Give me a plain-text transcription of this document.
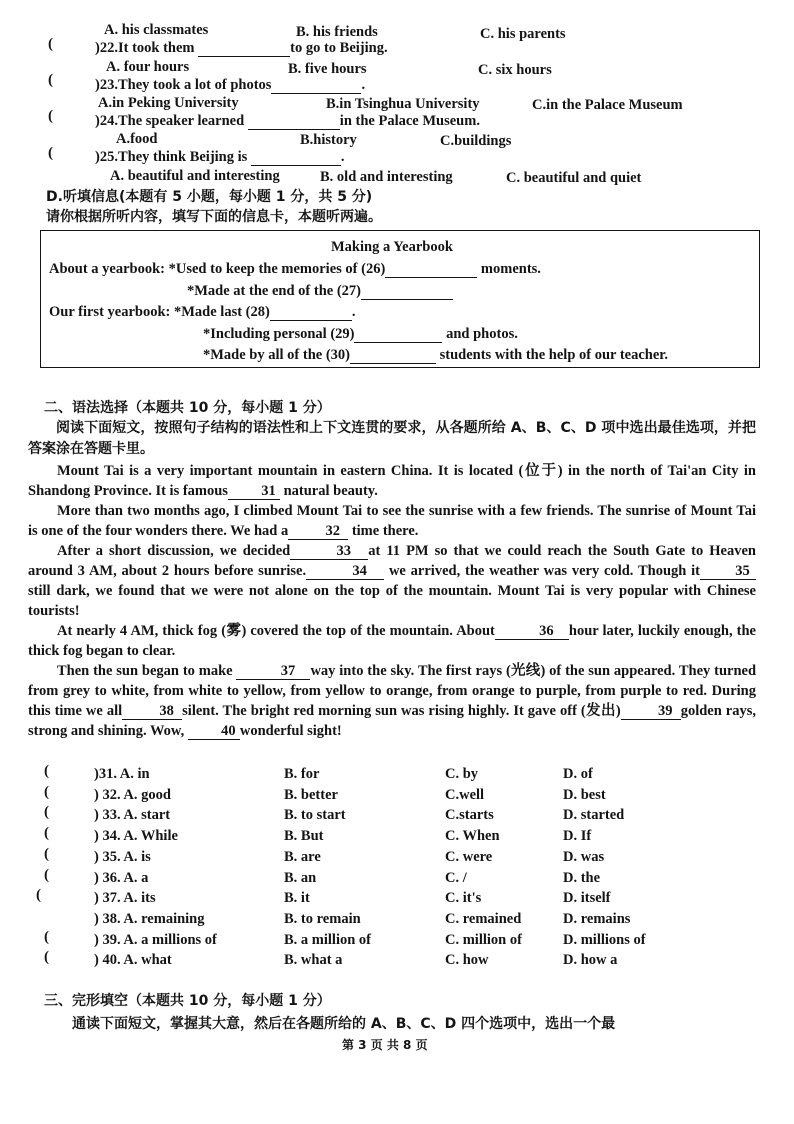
A. his classmates	B. his friends	C. his parents
(	)22.It took them	to go to Beijing.
A. four hours	B. five hours	C. six hours
(	)23.They took a lot of photos	.
A.in Peking University	B.in Tsinghua University	C.in the Palace Museum
(	)24.The speaker learned	in the Palace Museum.
A.food	B.history	C.buildings
(	)25.They think Beijing is	.
A. beautiful and interesting	B. old and interesting	C. beautiful and quiet
D.听填信息(本题有 5 小题，每小题 1 分，共 5 分)
请你根据所听内容，填写下面的信息卡，本题听两遍。
Making a Yearbook
About a yearbook: *Used to keep the memories of (26)	moments.
*Made at the end of the (27)
Our first yearbook: *Made last (28)	.
*Including personal (29)	and photos.
*Made by all of the (30)	students with the help of our teacher.
二、语法选择（本题共 10 分，每小题 1 分）

阅读下面短文，按照句子结构的语法性和上下文连贯的要求，从各题所给 A、B、C、D 项中选出最佳选项，并把答案涂在答题卡里。

Mount Tai is a very important mountain in eastern China. It is located (位于) in the north of Tai'an City in Shandong Province. It is famous 31 natural beauty.

More than two months ago, I climbed Mount Tai to see the sunrise with a few friends. The sunrise of Mount Tai is one of the four wonders there. We had a	32 time there.

After a short discussion, we decided	33 at 11 PM so that we could reach the South Gate to Heaven around 3 AM, about 2 hours before sunrise.	34 we arrived, the weather was very cold. Though it 35still dark, we found that we were not alone on the top of the mountain. Mount Tai is very popular with Chinese tourists!

At nearly 4 AM, thick fog (雾) covered the top of the mountain. About	36 hour later, luckily enough, the thick fog began to clear.

Then the sun began to make	37 way into the sky. The first rays (光线) of the sun appeared. They turned from grey to white, from white to yellow, from yellow to orange, from orange to purple, from purple to red. During this time we all	38 silent. The bright red morning sun was rising highly. It gave off (发出)	39 golden rays, strong and shining. Wow,	40 wonderful sight!

(	)31. A. in	B. for	C. by	D. of
(	) 32. A. good	B. better	C.well	D. best
(	) 33. A. start	B. to start	C.starts	D. started
(	) 34. A. While	B. But	C. When	D. If
(	) 35. A. is	B. are	C. were	D. was
(	) 36. A. a	B. an	C. /	D. the
(	) 37. A. its	B. it	C. it's	D. itself
) 38. A. remaining	B. to remain	C. remained	D. remains
(	) 39. A. a millions of	B. a million of	C. million of	D. millions of
(	) 40. A. what	B. what a	C. how	D. how a
三、完形填空（本题共 10 分，每小题 1 分）
通读下面短文，掌握其大意，然后在各题所给的 A、B、C、D 四个选项中，选出一个最
第 3 页 共 8 页
